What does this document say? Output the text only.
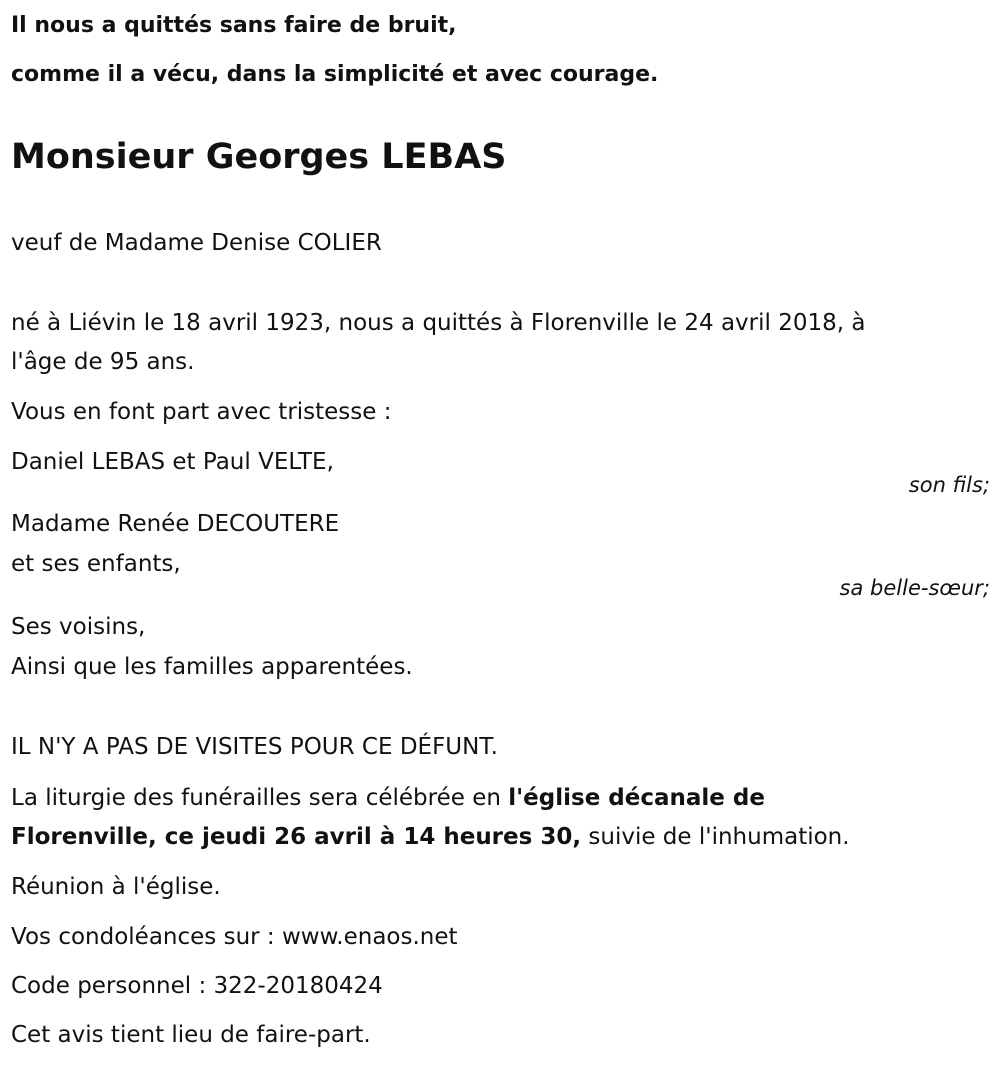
Il nous a quittés sans faire de bruit,
comme il a vécu, dans la simplicité et avec courage.
Monsieur Georges LEBAS
veuf de Madame Denise COLIER
né à Liévin le 18 avril 1923, nous a quittés à Florenville le 24 avril 2018, à
l'âge de 95 ans.
Vous en font part avec tristesse :
Daniel LEBAS et Paul VELTE,
son fils;
Madame Renée DECOUTERE
et ses enfants,
sa belle-sœur;
Ses voisins,
Ainsi que les familles apparentées.
IL N'Y A PAS DE VISITES POUR CE DÉFUNT.
La liturgie des funérailles sera célébrée en l'église décanale de
Florenville, ce jeudi 26 avril à 14 heures 30, suivie de l'inhumation.
Réunion à l'église.
Vos condoléances sur : www.enaos.net
Code personnel : 322-20180424
Cet avis tient lieu de faire-part.
